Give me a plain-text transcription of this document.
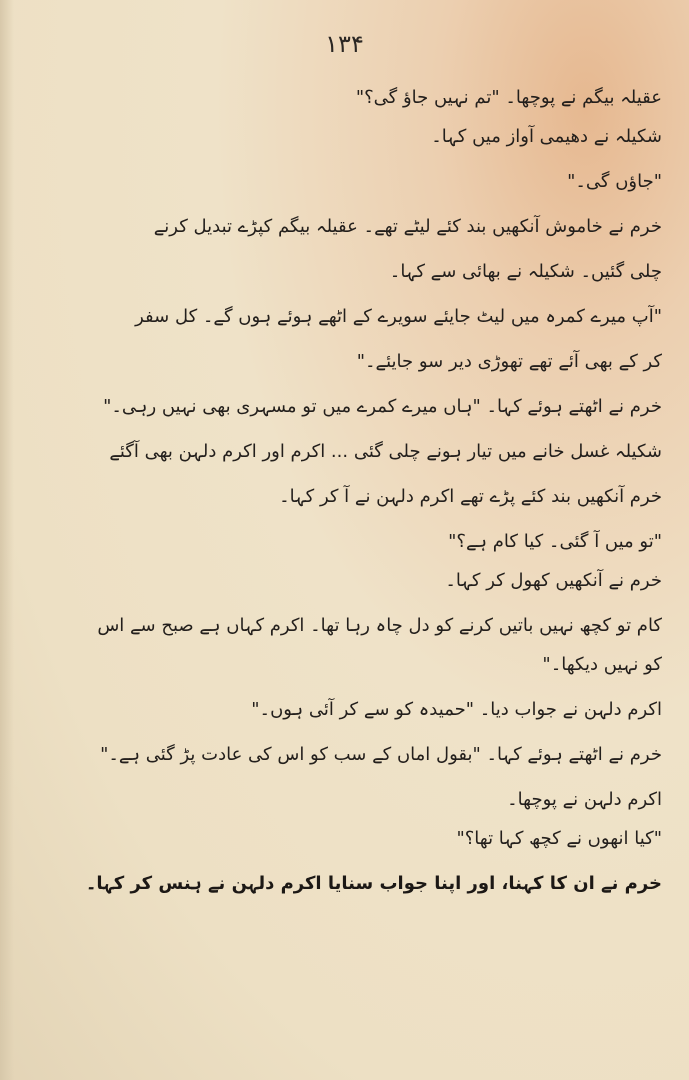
۱۳۴
عقیلہ بیگم نے پوچھا۔ "تم نہیں جاؤ گی؟"
شکیلہ نے دھیمی آواز میں کہا۔
"جاؤں گی۔"
خرم نے خاموش آنکھیں بند کئے لیٹے تھے۔ عقیلہ بیگم کپڑے تبدیل کرنے
چلی گئیں۔ شکیلہ نے بھائی سے کہا۔
"آپ میرے کمرہ میں لیٹ جایئے سویرے کے اٹھے ہوئے ہوں گے۔ کل سفر
کر کے بھی آئے تھے تھوڑی دیر سو جایئے۔"
خرم نے اٹھتے ہوئے کہا۔ "ہاں میرے کمرے میں تو مسہری بھی نہیں رہی۔"
شکیلہ غسل خانے میں تیار ہونے چلی گئی ... اکرم اور اکرم دلہن بھی آگئے
خرم آنکھیں بند کئے پڑے تھے اکرم دلہن نے آ کر کہا۔
"تو میں آ گئی۔ کیا کام ہے؟"
خرم نے آنکھیں کھول کر کہا۔
کام تو کچھ نہیں باتیں کرنے کو دل چاہ رہا تھا۔ اکرم کہاں ہے صبح سے اس
کو نہیں دیکھا۔"
اکرم دلہن نے جواب دیا۔ "حمیدہ کو سے کر آئی ہوں۔"
خرم نے اٹھتے ہوئے کہا۔ "بقول اماں کے سب کو اس کی عادت پڑ گئی ہے۔"
اکرم دلہن نے پوچھا۔
"کیا انھوں نے کچھ کہا تھا؟"
خرم نے ان کا کہنا، اور اپنا جواب سنایا اکرم دلہن نے ہنس کر کہا۔
